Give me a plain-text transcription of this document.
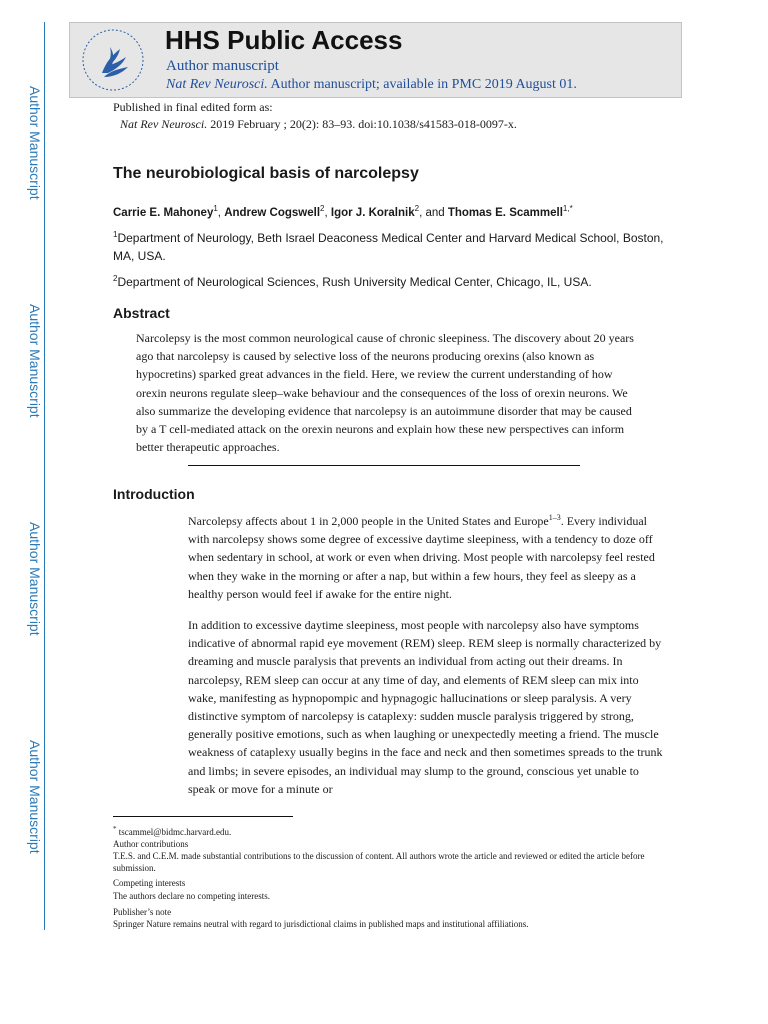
Author Manuscript
Author Manuscript
Author Manuscript
Author Manuscript
HHS Public Access
Author manuscript
Nat Rev Neurosci. Author manuscript; available in PMC 2019 August 01.
Published in final edited form as:
Nat Rev Neurosci. 2019 February ; 20(2): 83–93. doi:10.1038/s41583-018-0097-x.
The neurobiological basis of narcolepsy
Carrie E. Mahoney$^1$, Andrew Cogswell$^2$, Igor J. Koralnik$^2$, and Thomas E. Scammell$^{1,*}$
$^1$Department of Neurology, Beth Israel Deaconess Medical Center and Harvard Medical School, Boston, MA, USA.
$^2$Department of Neurological Sciences, Rush University Medical Center, Chicago, IL, USA.
Abstract

Narcolepsy is the most common neurological cause of chronic sleepiness. The discovery about 20 years ago that narcolepsy is caused by selective loss of the neurons producing orexins (also known as hypocretins) sparked great advances in the field. Here, we review the current understanding of how orexin neurons regulate sleep–wake behaviour and the consequences of the loss of orexin neurons. We also summarize the developing evidence that narcolepsy is an autoimmune disorder that may be caused by a T cell-mediated attack on the orexin neurons and explain how these new perspectives can inform better therapeutic approaches.

Introduction

Narcolepsy affects about 1 in 2,000 people in the United States and Europe$^{1-3}$. Every individual with narcolepsy shows some degree of excessive daytime sleepiness, with a tendency to doze off when sedentary in school, at work or even when driving. Most people with narcolepsy feel rested when they wake in the morning or after a nap, but within a few hours, they feel as sleepy as a healthy person would feel if awake for the entire night.

In addition to excessive daytime sleepiness, most people with narcolepsy also have symptoms indicative of abnormal rapid eye movement (REM) sleep. REM sleep is normally characterized by dreaming and muscle paralysis that prevents an individual from acting out their dreams. In narcolepsy, REM sleep can occur at any time of day, and elements of REM sleep can mix into wake, manifesting as hypnopompic and hypnagogic hallucinations or sleep paralysis. A very distinctive symptom of narcolepsy is cataplexy: sudden muscle paralysis triggered by strong, generally positive emotions, such as when laughing or unexpectedly meeting a friend. The muscle weakness of cataplexy usually begins in the face and neck and then sometimes spreads to the trunk and limbs; in severe episodes, an individual may slump to the ground, conscious yet unable to speak or move for a minute or

* tscammel@bidmc.harvard.edu.

Author contributions

T.E.S. and C.E.M. made substantial contributions to the discussion of content. All authors wrote the article and reviewed or edited the article before submission.

Competing interests

The authors declare no competing interests.

Publisher’s note

Springer Nature remains neutral with regard to jurisdictional claims in published maps and institutional affiliations.
